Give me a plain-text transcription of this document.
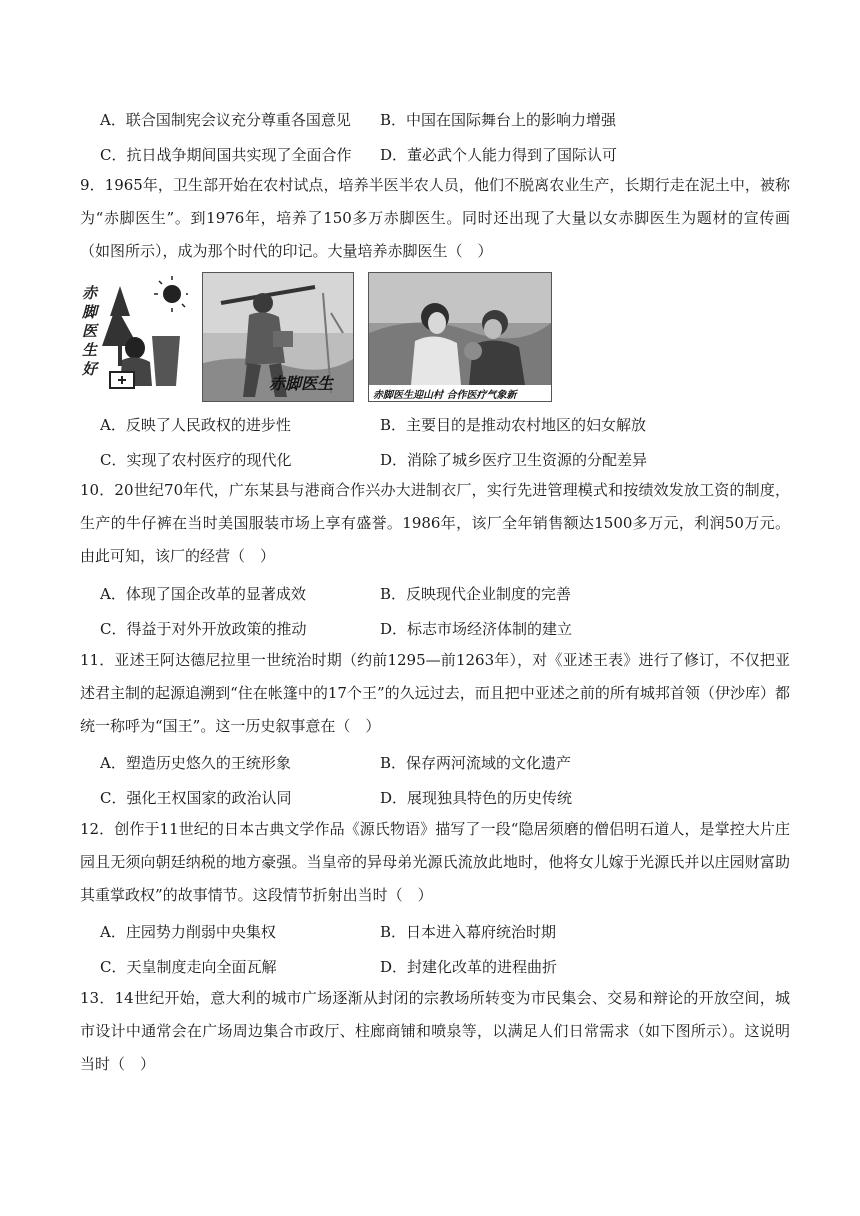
A．联合国制宪会议充分尊重各国意见 B．中国在国际舞台上的影响力增强
C．抗日战争期间国共实现了全面合作 D．董必武个人能力得到了国际认可

9．1965年，卫生部开始在农村试点，培养半医半农人员，他们不脱离农业生产，长期行走在泥土中，被称为“赤脚医生”。到1976年，培养了150多万赤脚医生。同时还出现了大量以女赤脚医生为题材的宣传画（如图所示），成为那个时代的印记。大量培养赤脚医生（　）

赤脚医生好
赤脚医生
赤脚医生迎山村 合作医疗气象新
A．反映了人民政权的进步性	B．主要目的是推动农村地区的妇女解放
C．实现了农村医疗的现代化	D．消除了城乡医疗卫生资源的分配差异

10．20世纪70年代，广东某县与港商合作兴办大进制衣厂，实行先进管理模式和按绩效发放工资的制度，生产的牛仔裤在当时美国服装市场上享有盛誉。1986年，该厂全年销售额达1500多万元，利润50万元。由此可知，该厂的经营（　）

A．体现了国企改革的显著成效	B．反映现代企业制度的完善
C．得益于对外开放政策的推动	D．标志市场经济体制的建立

11．亚述王阿达德尼拉里一世统治时期（约前1295—前1263年），对《亚述王表》进行了修订，不仅把亚述君主制的起源追溯到“住在帐篷中的17个王”的久远过去，而且把中亚述之前的所有城邦首领（伊沙库）都统一称呼为“国王”。这一历史叙事意在（　）

A．塑造历史悠久的王统形象	B．保存两河流域的文化遗产
C．强化王权国家的政治认同	D．展现独具特色的历史传统

12．创作于11世纪的日本古典文学作品《源氏物语》描写了一段“隐居须磨的僧侣明石道人，是掌控大片庄园且无须向朝廷纳税的地方豪强。当皇帝的异母弟光源氏流放此地时，他将女儿嫁于光源氏并以庄园财富助其重掌政权”的故事情节。这段情节折射出当时（　）

A．庄园势力削弱中央集权	B．日本进入幕府统治时期
C．天皇制度走向全面瓦解	D．封建化改革的进程曲折

13．14世纪开始，意大利的城市广场逐渐从封闭的宗教场所转变为市民集会、交易和辩论的开放空间，城市设计中通常会在广场周边集合市政厅、柱廊商铺和喷泉等，以满足人们日常需求（如下图所示）。这说明当时（　）
